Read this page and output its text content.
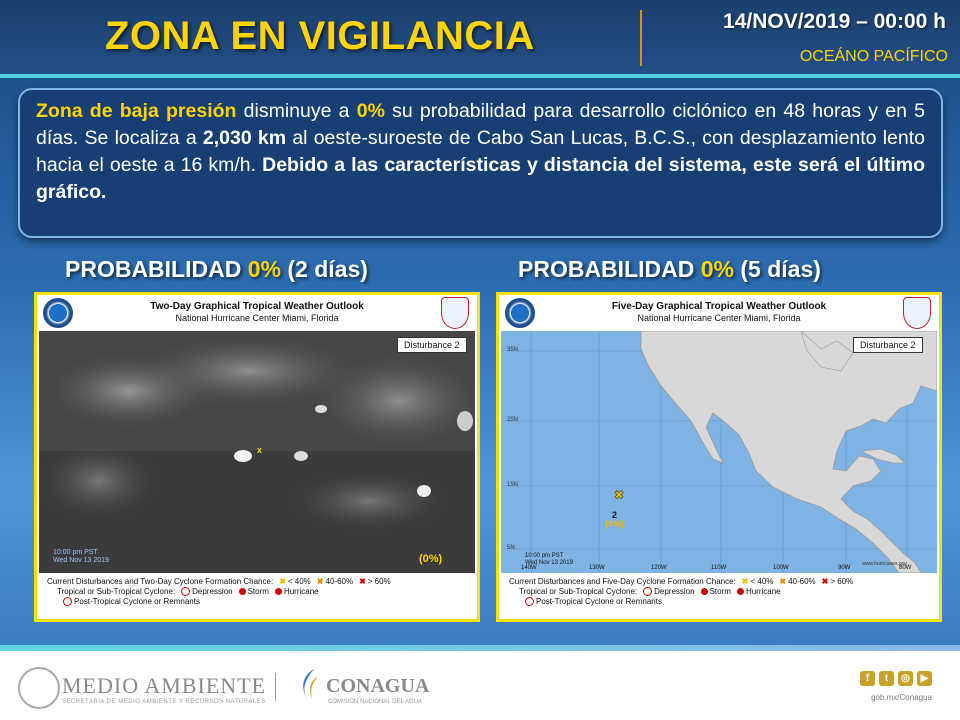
ZONA EN VIGILANCIA	14/NOV/2019 – 00:00 h
OCEÁNO PACÍFICO

Zona de baja presión disminuye a 0% su probabilidad para desarrollo ciclónico en 48 horas y en 5 días. Se localiza a 2,030 km al oeste-suroeste de Cabo San Lucas, B.C.S., con desplazamiento lento hacia el oeste a 16 km/h. Debido a las características y distancia del sistema, este será el último gráfico.

PROBABILIDAD 0% (2 días)	PROBABILIDAD 0% (5 días)
Two-Day Graphical Tropical Weather Outlook
National Hurricane Center Miami, Florida
x
Disturbance 2
10:00 pm PST
Wed Nov 13 2019	(0%)
Current Disturbances and Two-Day Cyclone Formation Chance: ✖ < 40% ✖ 40-60% ✖ > 60%
Tropical or Sub-Tropical Cyclone: Depression Storm Hurricane
Post-Tropical Cyclone or Remnants
Five-Day Graphical Tropical Weather Outlook
National Hurricane Center Miami, Florida
✖
Disturbance 2
35N
25N
15N
5N
2
(0%)
10:00 pm PST
Wed Nov 13 2019	www.hurricanes.gov
140W	130W	120W	110W	100W	90W	80W
Current Disturbances and Five-Day Cyclone Formation Chance: ✖ < 40% ✖ 40-60% ✖ > 60%
Tropical or Sub-Tropical Cyclone: Depression Storm Hurricane
Post-Tropical Cyclone or Remnants
MEDIO AMBIENTE
SECRETARÍA DE MEDIO AMBIENTE Y RECURSOS NATURALES
CONAGUA
COMISIÓN NACIONAL DEL AGUA
f	t	◎	▶
gob.mx/Conagua
